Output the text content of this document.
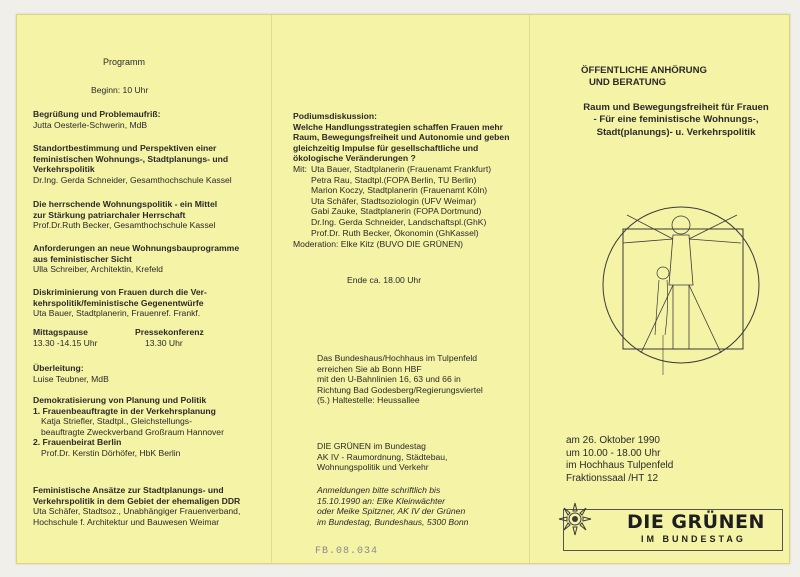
Programm
Beginn: 10 Uhr
Begrüßung und Problemaufriß:
Jutta Oesterle-Schwerin, MdB
Standortbestimmung und Perspektiven einer
feministischen Wohnungs-, Stadtplanungs- und
Verkehrspolitik
Dr.Ing. Gerda Schneider, Gesamthochschule Kassel
Die herrschende Wohnungspolitik - ein Mittel
zur Stärkung patriarchaler Herrschaft
Prof.Dr.Ruth Becker, Gesamthochschule Kassel
Anforderungen an neue Wohnungsbauprogramme
aus feministischer Sicht
Ulla Schreiber, Architektin, Krefeld
Diskriminierung von Frauen durch die Ver-
kehrspolitik/feministische Gegenentwürfe
Uta Bauer, Stadtplanerin, Frauenref. Frankf.
Mittagspause
13.30 -14.15 Uhr
Pressekonferenz
13.30 Uhr
Überleitung:
Luise Teubner, MdB
Demokratisierung von Planung und Politik
1. Frauenbeauftragte in der Verkehrsplanung
Katja Striefler, Stadtpl., Gleichstellungs-
beauftragte Zweckverband Großraum Hannover
2. Frauenbeirat Berlin
Prof.Dr. Kerstin Dörhöfer, HbK Berlin
Feministische Ansätze zur Stadtplanungs- und
Verkehrspolitik in dem Gebiet der ehemaligen DDR
Uta Schäfer, Stadtsoz., Unabhängiger Frauenverband,
Hochschule f. Architektur und Bauwesen Weimar
Podiumsdiskussion:
Welche Handlungsstrategien schaffen Frauen mehr
Raum, Bewegungsfreiheit und Autonomie und geben
gleichzeitig Impulse für gesellschaftliche und
ökologische Veränderungen ?
Mit: Uta Bauer, Stadtplanerin (Frauenamt Frankfurt)
Petra Rau, Stadtpl.(FOPA Berlin, TU Berlin)
Marion Koczy, Stadtplanerin (Frauenamt Köln)
Uta Schäfer, Stadtsoziologin (UFV Weimar)
Gabi Zauke, Stadtplanerin (FOPA Dortmund)
Dr.Ing. Gerda Schneider, Landschaftspl.(GhK)
Prof.Dr. Ruth Becker, Ökonomin (GhKassel)
Moderation: Elke Kitz (BUVO DIE GRÜNEN)
Ende ca. 18.00 Uhr
Das Bundeshaus/Hochhaus im Tulpenfeld
erreichen Sie ab Bonn HBF
mit den U-Bahnlinien 16, 63 und 66 in
Richtung Bad Godesberg/Regierungsviertel
(5.) Haltestelle: Heussallee
DIE GRÜNEN im Bundestag
AK IV - Raumordnung, Städtebau,
Wohnungspolitik und Verkehr
Anmeldungen bitte schriftlich bis
15.10.1990 an: Elke Kleinwächter
oder Meike Spitzner, AK IV der Grünen
im Bundestag, Bundeshaus, 5300 Bonn
ÖFFENTLICHE ANHÖRUNG
UND BERATUNG
Raum und Bewegungsfreiheit für Frauen
- Für eine feministische Wohnungs-,
Stadt(planungs)- u. Verkehrspolitik
am 26. Oktober 1990
um 10.00 - 18.00 Uhr
im Hochhaus Tulpenfeld
Fraktionssaal /HT 12
DIE GRÜNEN
IM BUNDESTAG
FB.08.034
